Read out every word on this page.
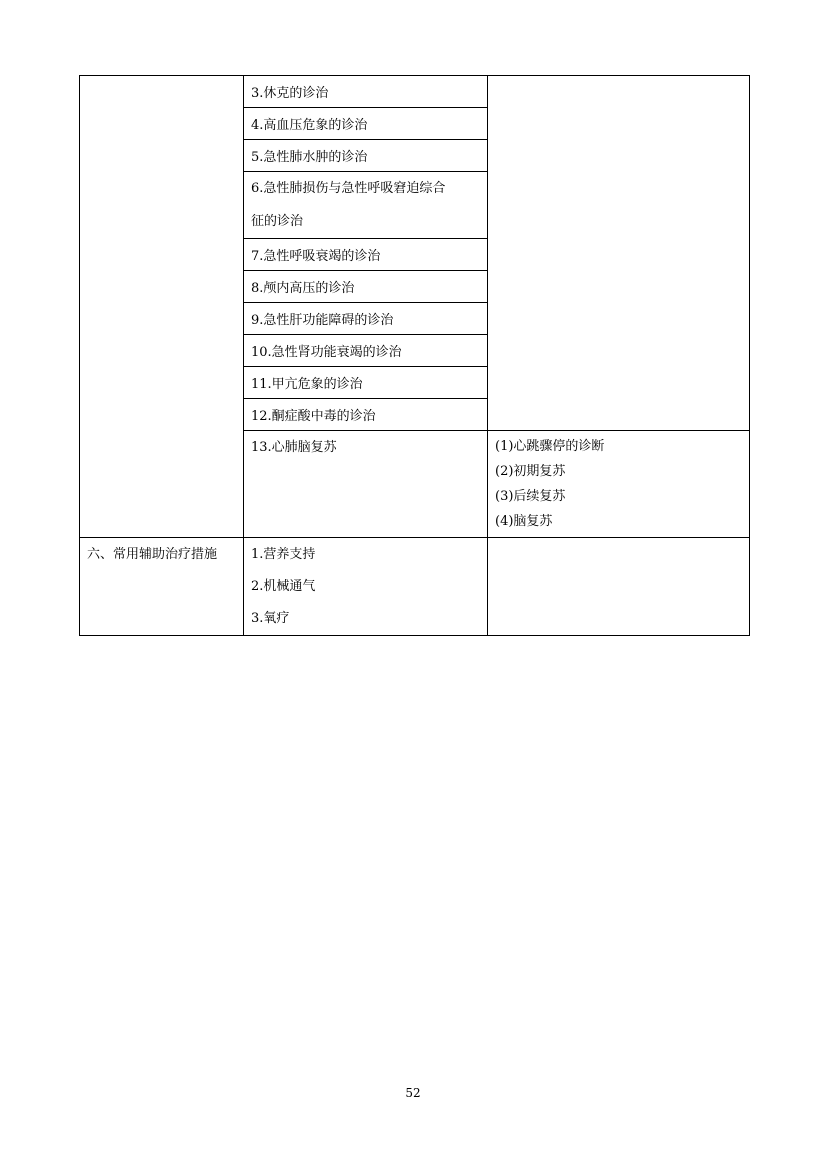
	3.休克的诊治	

	4.高血压危象的诊治	

	5.急性肺水肿的诊治	

	6.急性肺损伤与急性呼吸窘迫综合
征的诊治	

	7.急性呼吸衰竭的诊治	

	8.颅内高压的诊治	

	9.急性肝功能障碍的诊治	

	10.急性肾功能衰竭的诊治	

	11.甲亢危象的诊治	

	12.酮症酸中毒的诊治	

	13.心肺脑复苏	(1)心跳骤停的诊断
(2)初期复苏
(3)后续复苏
(4)脑复苏

六、常用辅助治疗措施	1.营养支持
2.机械通气
3.氧疗	

52
